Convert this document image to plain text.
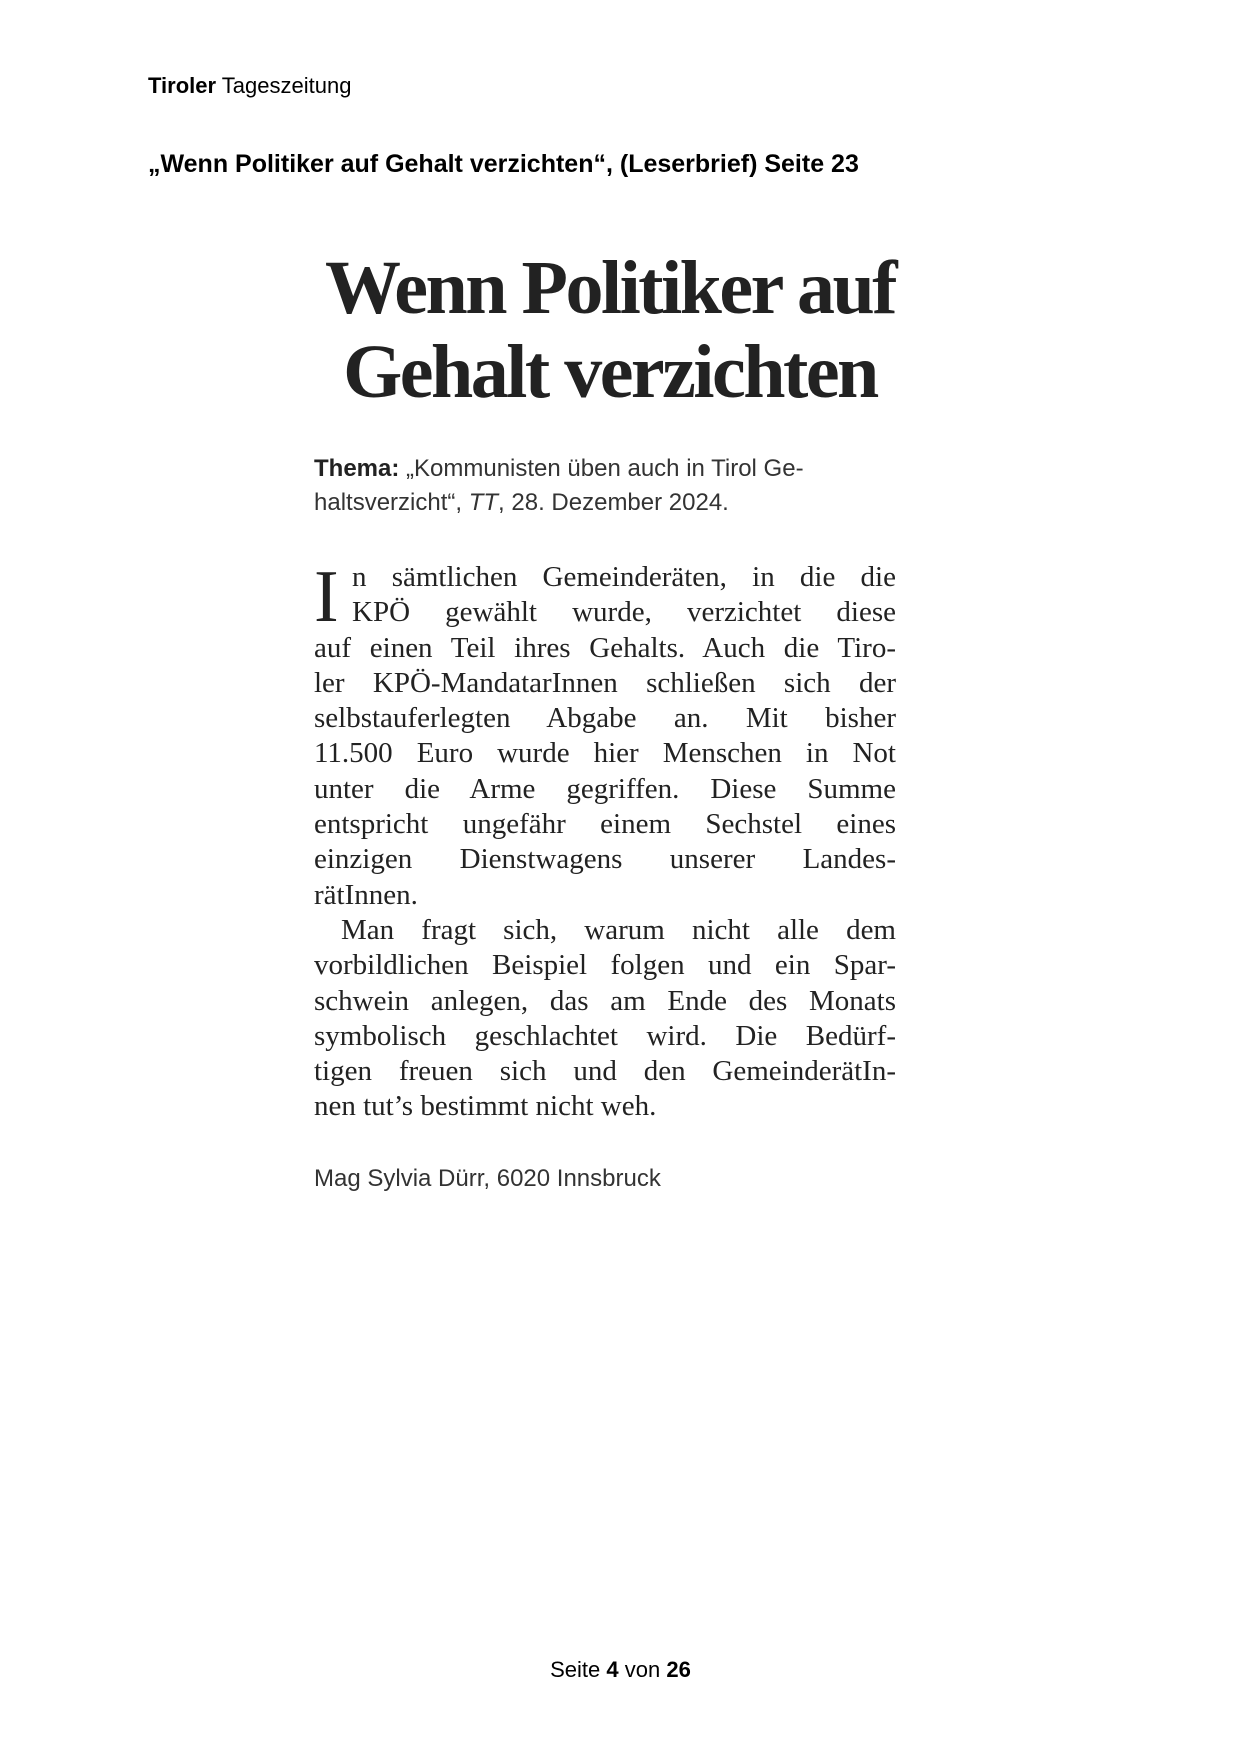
Tiroler Tageszeitung
„Wenn Politiker auf Gehalt verzichten“, (Leserbrief) Seite 23
Wenn Politiker auf
Gehalt verzichten
Thema: „Kommunisten üben auch in Tirol Ge-
haltsverzicht“, TT, 28. Dezember 2024.
I n sämtlichen Gemeinderäten, in die die
KPÖ gewählt wurde, verzichtet diese
auf einen Teil ihres Gehalts. Auch die Tiro-
ler KPÖ-MandatarInnen schließen sich der
selbstauferlegten Abgabe an. Mit bisher
11.500 Euro wurde hier Menschen in Not
unter die Arme gegriffen. Diese Summe
entspricht ungefähr einem Sechstel eines
einzigen Dienstwagens unserer Landes-
rätInnen.
Man fragt sich, warum nicht alle dem
vorbildlichen Beispiel folgen und ein Spar-
schwein anlegen, das am Ende des Monats
symbolisch geschlachtet wird. Die Bedürf-
tigen freuen sich und den GemeinderätIn-
nen tut’s bestimmt nicht weh.
Mag Sylvia Dürr, 6020 Innsbruck
Seite 4 von 26
